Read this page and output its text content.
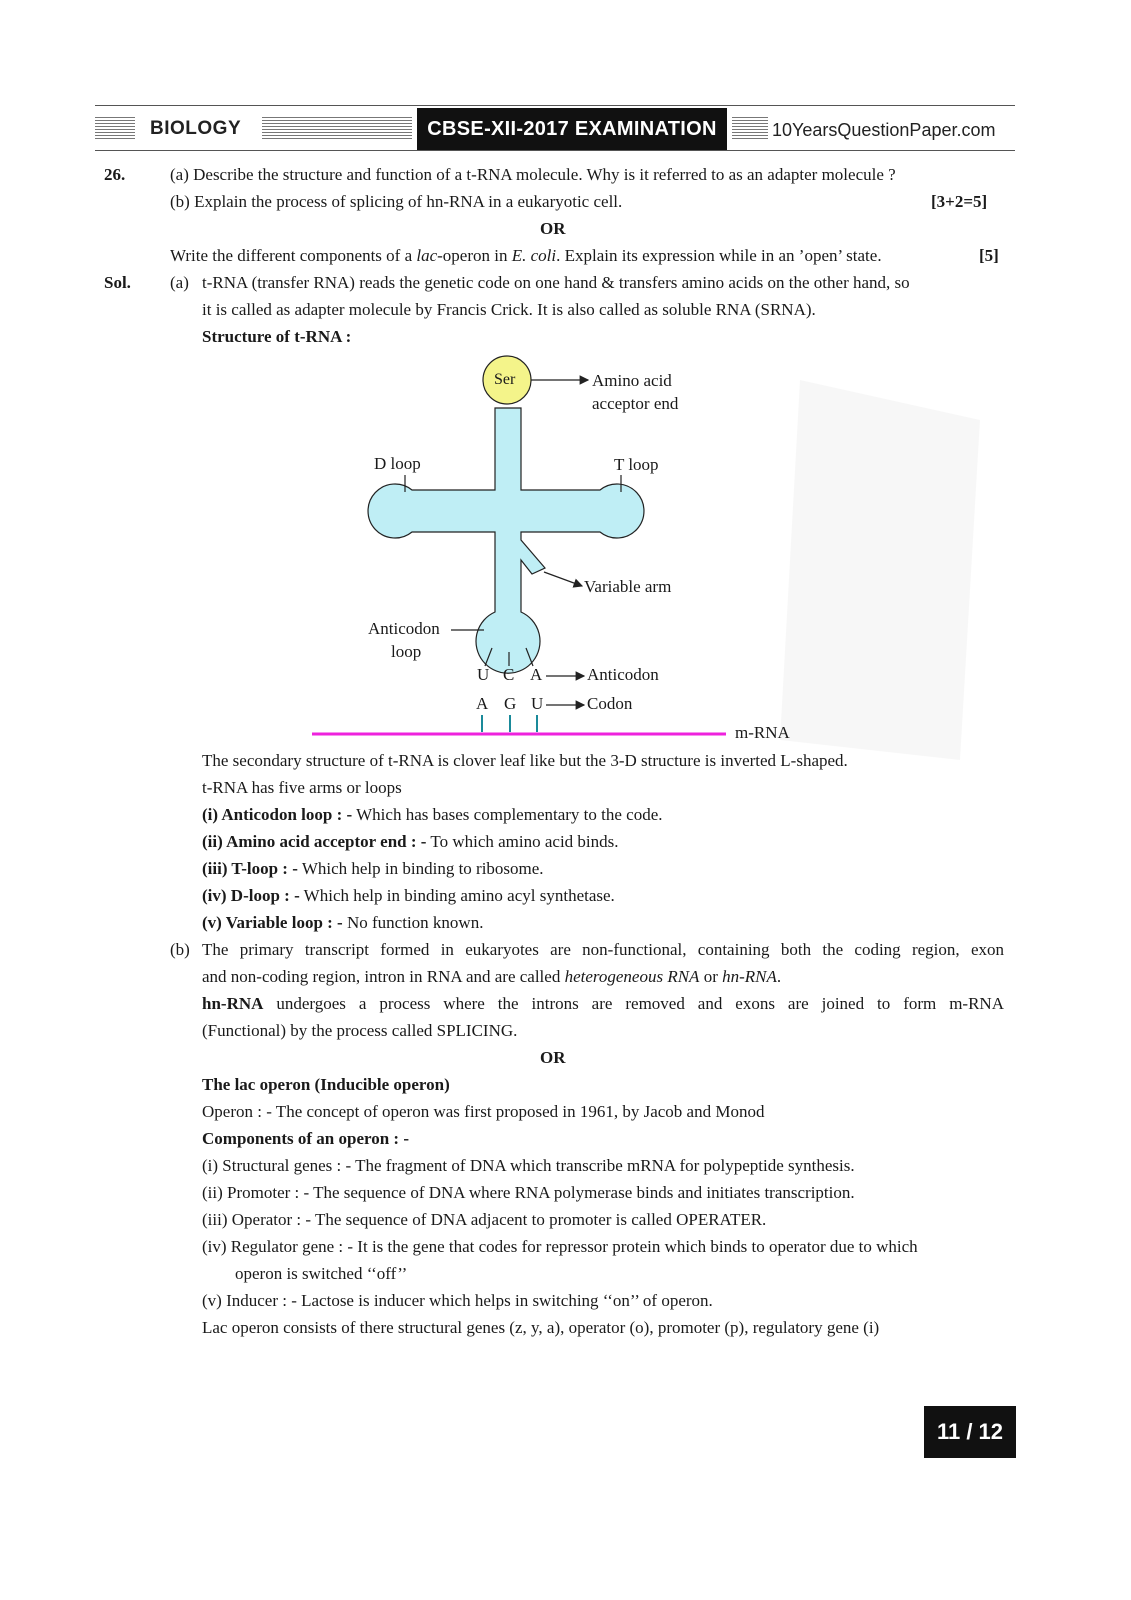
BIOLOGY	CBSE-XII-2017 EXAMINATION	10YearsQuestionPaper.com
26.	(a) Describe the structure and function of a t-RNA molecule. Why is it referred to as an adapter molecule ?
(b) Explain the process of splicing of hn-RNA in a eukaryotic cell.	[3+2=5]
OR
Write the different components of a lac-operon in E. coli. Explain its expression while in an ’open’ state.	[5]
Sol. (a) t-RNA (transfer RNA) reads the genetic code on one hand & transfers amino acids on the other hand, so
it is called as adapter molecule by Francis Crick. It is also called as soluble RNA (SRNA).
Structure of t-RNA :
Ser	Amino acid
acceptor end
D loop	T loop
Variable arm
Anticodon
loop
U C A	Anticodon
A G U	Codon
m-RNA
The secondary structure of t-RNA is clover leaf like but the 3-D structure is inverted L-shaped.
t-RNA has five arms or loops
(i) Anticodon loop : - Which has bases complementary to the code.
(ii) Amino acid acceptor end : - To which amino acid binds.
(iii) T-loop : - Which help in binding to ribosome.
(iv) D-loop : - Which help in binding amino acyl synthetase.
(v) Variable loop : - No function known.
(b) The primary transcript formed in eukaryotes are non-functional, containing both the coding region, exon
and non-coding region, intron in RNA and are called heterogeneous RNA or hn-RNA.
hn-RNA undergoes a process where the introns are removed and exons are joined to form m-RNA
(Functional) by the process called SPLICING.
OR
The lac operon (Inducible operon)
Operon : - The concept of operon was first proposed in 1961, by Jacob and Monod
Components of an operon : -
(i) Structural genes : - The fragment of DNA which transcribe mRNA for polypeptide synthesis.
(ii) Promoter : - The sequence of DNA where RNA polymerase binds and initiates transcription.
(iii) Operator : - The sequence of DNA adjacent to promoter is called OPERATER.
(iv) Regulator gene : - It is the gene that codes for repressor protein which binds to operator due to which
operon is switched ‘‘off’’
(v) Inducer : - Lactose is inducer which helps in switching ‘‘on’’ of operon.
Lac operon consists of there structural genes (z, y, a), operator (o), promoter (p), regulatory gene (i)
11 / 12
